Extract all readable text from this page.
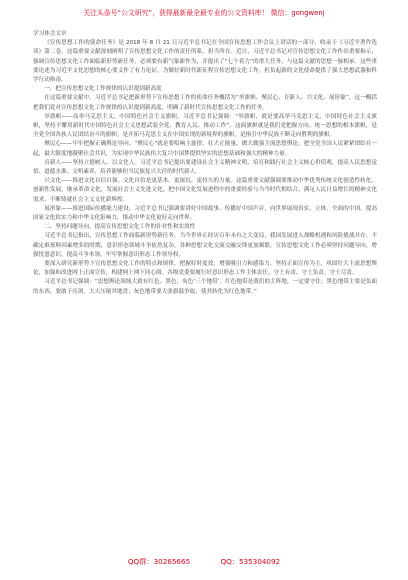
关注头条号“公文研究”，获得最新最全最专业的公文资料库！ 微信：gongwenj

学习体会文章

《宣传思想工作的使命任务》是 2018 年 8 月 21 日习近平总书记在全国宣传思想工作会议上讲话的一部分，收录于《习近平著作选读》第二卷。这篇重要文献深刻阐明了宣传思想文化工作的责任所系、担当所在。近日，习近平总书记对宣传思想文化工作作出重要指示，强调宣传思想文化工作面临新形势新任务，必须要有新气象新作为，并提出了“七个着力”的重大任务，与这篇文献的思想一脉相承。这些重要论述为习近平文化思想的核心要义作了有力论证，为做好新时代新征程宣传思想文化工作，担负起新的文化使命提供了强大思想武器和科学行动指南。

一、把宣传思想文化工作规律的认识提到新高度

在这篇重要文献中，习近平总书记把新形势下宣传思想工作的使命任务概括为“举旗帜、聚民心、育新人、兴文化、展形象”，这一概括把我们党对宣传思想文化工作规律的认识提到新高度，明确了新时代宣传思想文化工作的任务。

举旗帜——高举马克思主义、中国特色社会主义旗帜。习近平总书记强调：“举旗帜，就是要高举马克思主义、中国特色社会主义旗帜，坚持不懈用新时代中国特色社会主义思想武装全党、教育人民、推动工作”。这面旗帜就是我们党把握方向、统一思想的根本旗帜，是全党全国各族人民团结奋斗的旗帜。是开拓马克思主义在中国实现的新境界的旗帜，是指引中华民族不断走向胜利的旗帜。

聚民心——牢牢把握正确舆论导向。“聚民心”就是要唱响主旋律，壮大正能量，做大做强主流思想舆论，把全党全国人民紧紧团结在一起，最大限度地凝聚社会共识，为实现中华民族伟大复兴中国梦提供坚实的思想基础和强大的精神力量。

育新人——坚持立德树人、以文化人。习近平总书记提出要建设社会主义精神文明、培育和践行社会主义核心价值观，提高人民思想觉悟、道德水准、文明素养，培养能够担当民族复兴大任的时代新人。

兴文化——推进文化自信自强。文化自信是更基本、更深沉、更持久的力量。这篇重要文献强调要推动中华优秀传统文化创造性转化、创新性发展，继承革命文化，发展社会主义先进文化，把中国文化发展进程中的重要经验与当今时代相结合，满足人民日益增长的精神文化需求，不断铸就社会主义文化新辉煌。

展形象——推进国际传播能力建设。习近平总书记强调要讲好中国故事、传播好中国声音，向世界展现真实、立体、全面的中国，提高国家文化软实力和中华文化影响力，推动中华文化更好走向世界。

二、坚持问题导向，提高宣传思想文化工作的针对性和实效性

习近平总书记指出，宣传思想工作面临新形势新任务。当今世界正经历百年未有之大变局，我国发展进入战略机遇和风险挑战并存、不确定难预料因素增多的时期，意识形态领域斗争依然复杂，各种思想文化交流交融交锋更加频繁。宣传思想文化工作必须坚持问题导向，增强忧患意识，提高斗争本领，牢牢掌握意识形态工作领导权。

要深入研究新形势下宣传思想文化工作的特点和规律，把握好时度效，增强吸引力和感染力。坚持正面宣传为主，巩固壮大主流思想舆论，加强和改进网上正面宣传，构建网上网下同心圆。各级党委要履行好意识形态工作主体责任，守土有责、守土负责、守土尽责。

习近平总书记强调：“思想舆论领域大致有红色、黑色、灰色‘三个地带’。红色地带是我们的主阵地，一定要守住；黑色地带主要是负面的东西，要敢于亮剑，大大压缩其地盘；灰色地带要大张旗鼓争取，使其转化为红色地带。”

QQ群：30265665	QQ：535304092
